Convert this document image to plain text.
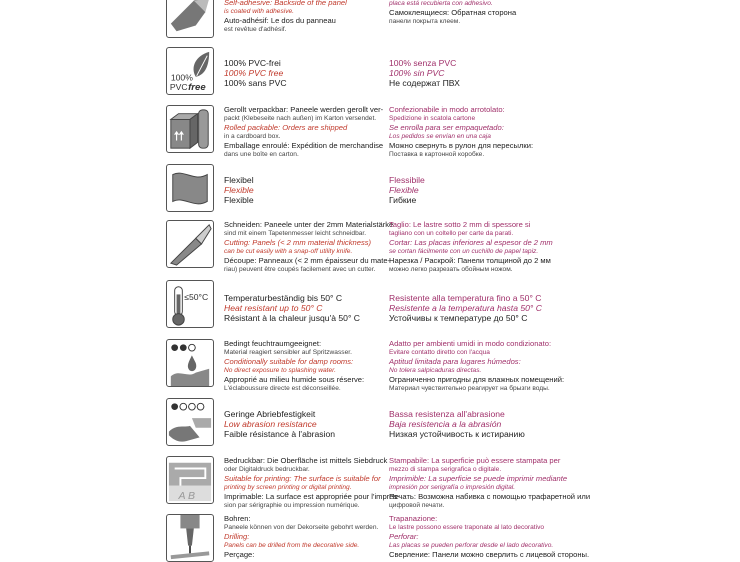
Self-adhesive: Backside of the panel

is coated with adhesive.

Auto-adhésif: Le dos du panneau

est revêtue d'adhésif.

placa está recubierta con adhesivo.

Самоклеящиеся: Обратная сторона

панели покрыта клеем.

100%
PVC free

100% PVC-frei

100% PVC free

100% sans PVC

100% senza PVC

100% sin PVC

Не содержат ПВХ

Gerollt verpackbar: Paneele werden gerollt ver-

packt (Klebeseite nach außen) im Karton versendet.

Rolled packable: Orders are shipped

in a cardboard box.

Emballage enroulé: Expédition de merchandise

dans une boîte en carton.

Confezionabile in modo arrotolato:

Spedizione in scatola cartone

Se enrolla para ser empaquetado:

Los pedidos se envían en una caja

Можно свернуть в рулон для пересылки:

Поставка в картонной коробке.

Flexibel

Flexible

Flexible

Flessibile

Flexible

Гибкие

Schneiden: Paneele unter der 2mm Materialstärke

sind mit einem Tapetenmesser leicht schneidbar.

Cutting: Panels (< 2 mm material thickness)

can be cut easily with a snap-off utility knife.

Découpe: Panneaux (< 2 mm épaisseur du mate-

riau) peuvent être coupés facilement avec un cutter.

Taglio: Le lastre sotto 2 mm di spessore si

tagliano con un coltello per carte da parati.

Cortar: Las placas inferiores al espesor de 2 mm

se cortan fácilmente con un cuchillo de papel tapiz.

Нарезка / Раскрой: Панели толщиной до 2 мм

можно легко разрезать обойным ножом.

≤50°C Temperaturbeständig bis 50° C

Heat resistant up to 50° C

Résistant à la chaleur jusqu'à 50° C

Resistente alla temperatura fino a 50° C

Resistente a la temperatura hasta 50° C

Устойчивы к температуре до 50° С

Bedingt feuchtraumgeeignet:

Material reagiert sensibler auf Spritzwasser.

Conditionally suitable for damp rooms:

No direct exposure to splashing water.

Approprié au milieu humide sous réserve:

L'éclaboussure directe est déconseillée.

Adatto per ambienti umidi in modo condizionato:

Evitare contatto diretto con l'acqua

Aptitud limitada para lugares húmedos:

No tolera salpicaduras directas.

Ограниченно пригодны для влажных помещений:

Материал чувствительно реагирует на брызги воды.

Geringe Abriebfestigkeit

Low abrasion resistance

Faible résistance à l'abrasion

Bassa resistenza all'abrasione

Baja resistencia a la abrasión

Низкая устойчивость к истиранию

A B

Bedruckbar: Die Oberfläche ist mittels Siebdruck

oder Digitaldruck bedruckbar.

Suitable for printing: The surface is suitable for

printing by screen printing or digital printing.

Imprimable: La surface est appropriée pour l'impres-

sion par sérigraphie ou impression numérique.

Stampabile: La superficie può essere stampata per

mezzo di stampa serigrafica o digitale.

Imprimible: La superficie se puede imprimir mediante

impresión por serigrafía o impresión digital.

Печать: Возможна набивка с помощью трафаретной или

цифровой печати.

Bohren:

Paneele können von der Dekorseite gebohrt werden.

Drilling:

Panels can be drilled from the decorative side.

Perçage:

Trapanazione:

Le lastre possono essere traponate al lato decorativo

Perforar:

Las placas se pueden perforar desde el lado decorativo.

Сверление: Панели можно сверлить с лицевой стороны.
